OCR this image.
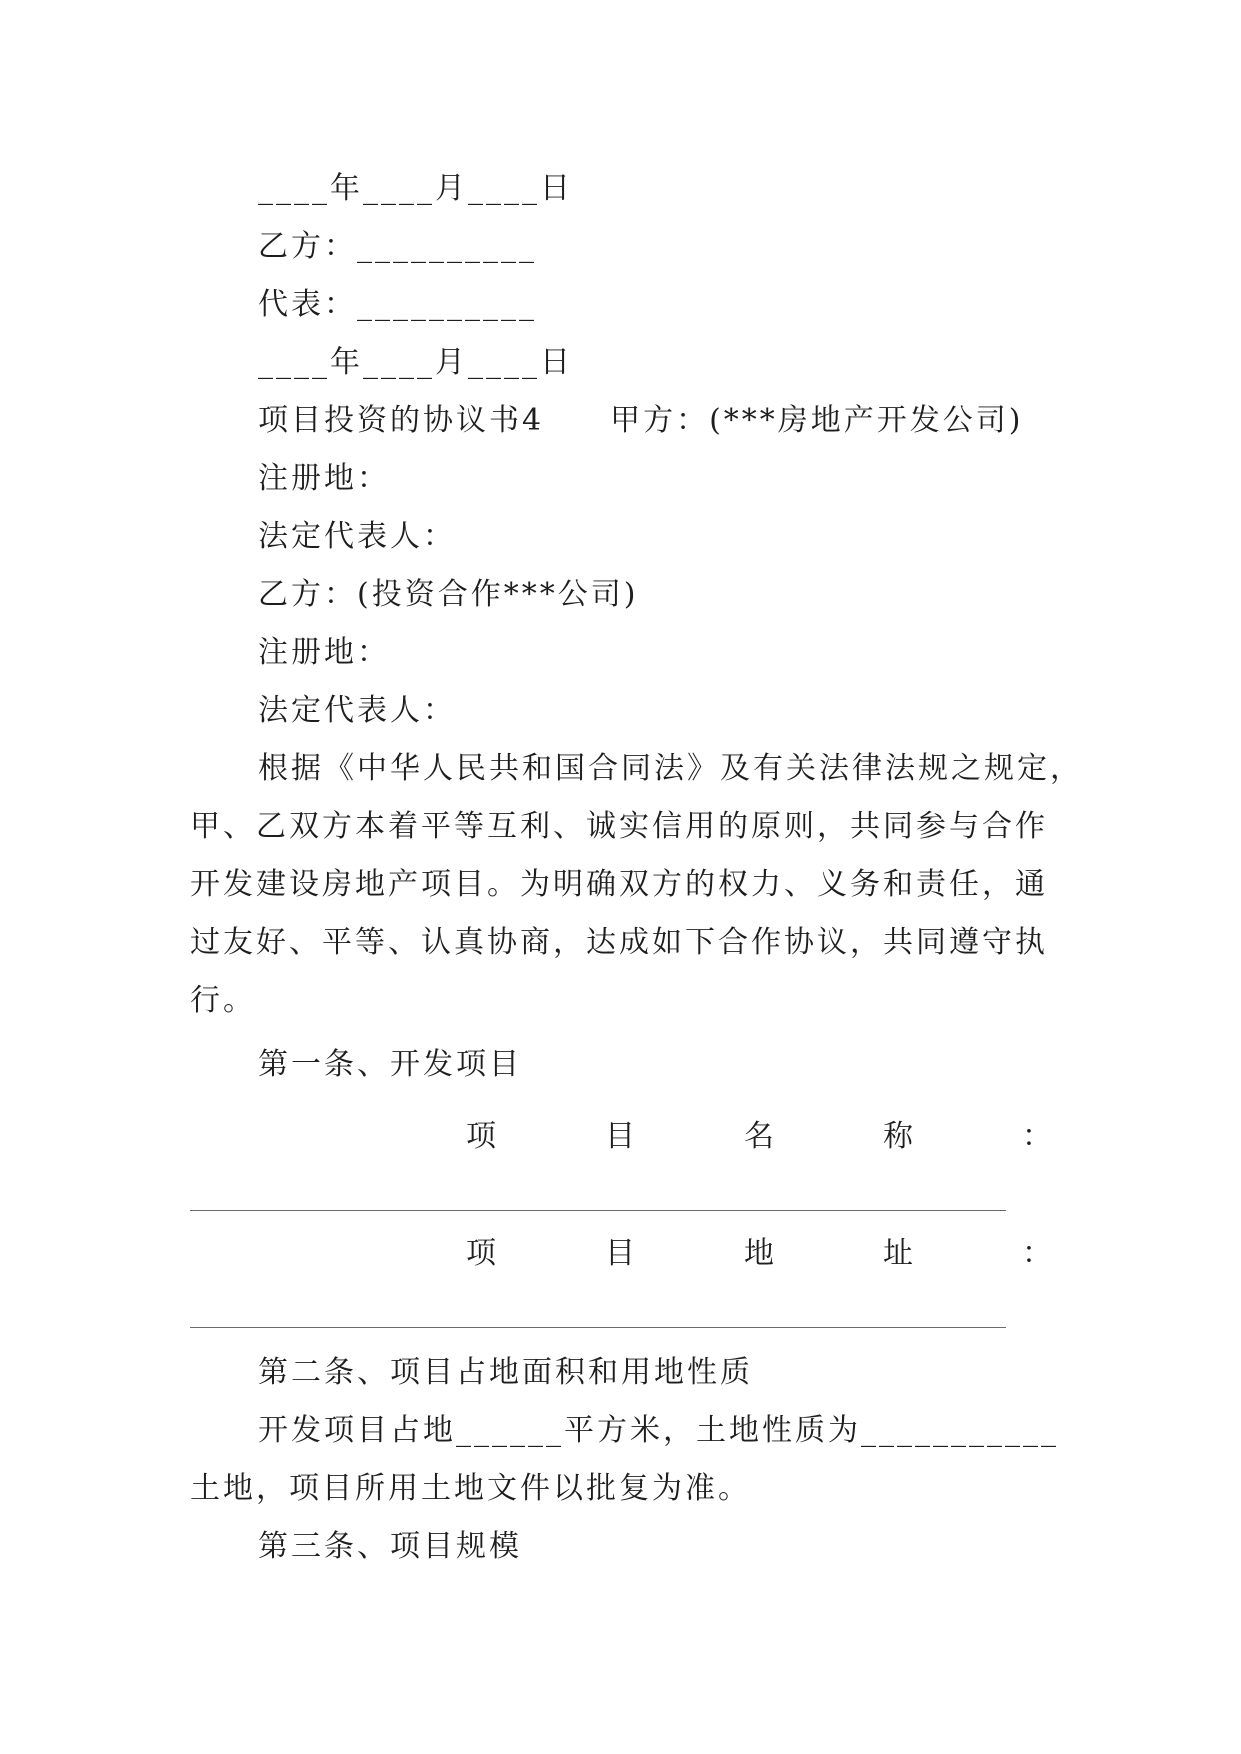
____年____月____日
乙方：__________
代表：__________
____年____月____日
项目投资的协议书4　　甲方：(***房地产开发公司)
注册地：
法定代表人：
乙方：(投资合作***公司)
注册地：
法定代表人：
根据《中华人民共和国合同法》及有关法律法规之规定，
甲、乙双方本着平等互利、诚实信用的原则，共同参与合作
开发建设房地产项目。为明确双方的权力、义务和责任，通
过友好、平等、认真协商，达成如下合作协议，共同遵守执
行。
第一条、开发项目
项	目	名	称	：
项	目	地	址	：
第二条、项目占地面积和用地性质
开发项目占地______平方米，土地性质为___________
土地，项目所用土地文件以批复为准。
第三条、项目规模
